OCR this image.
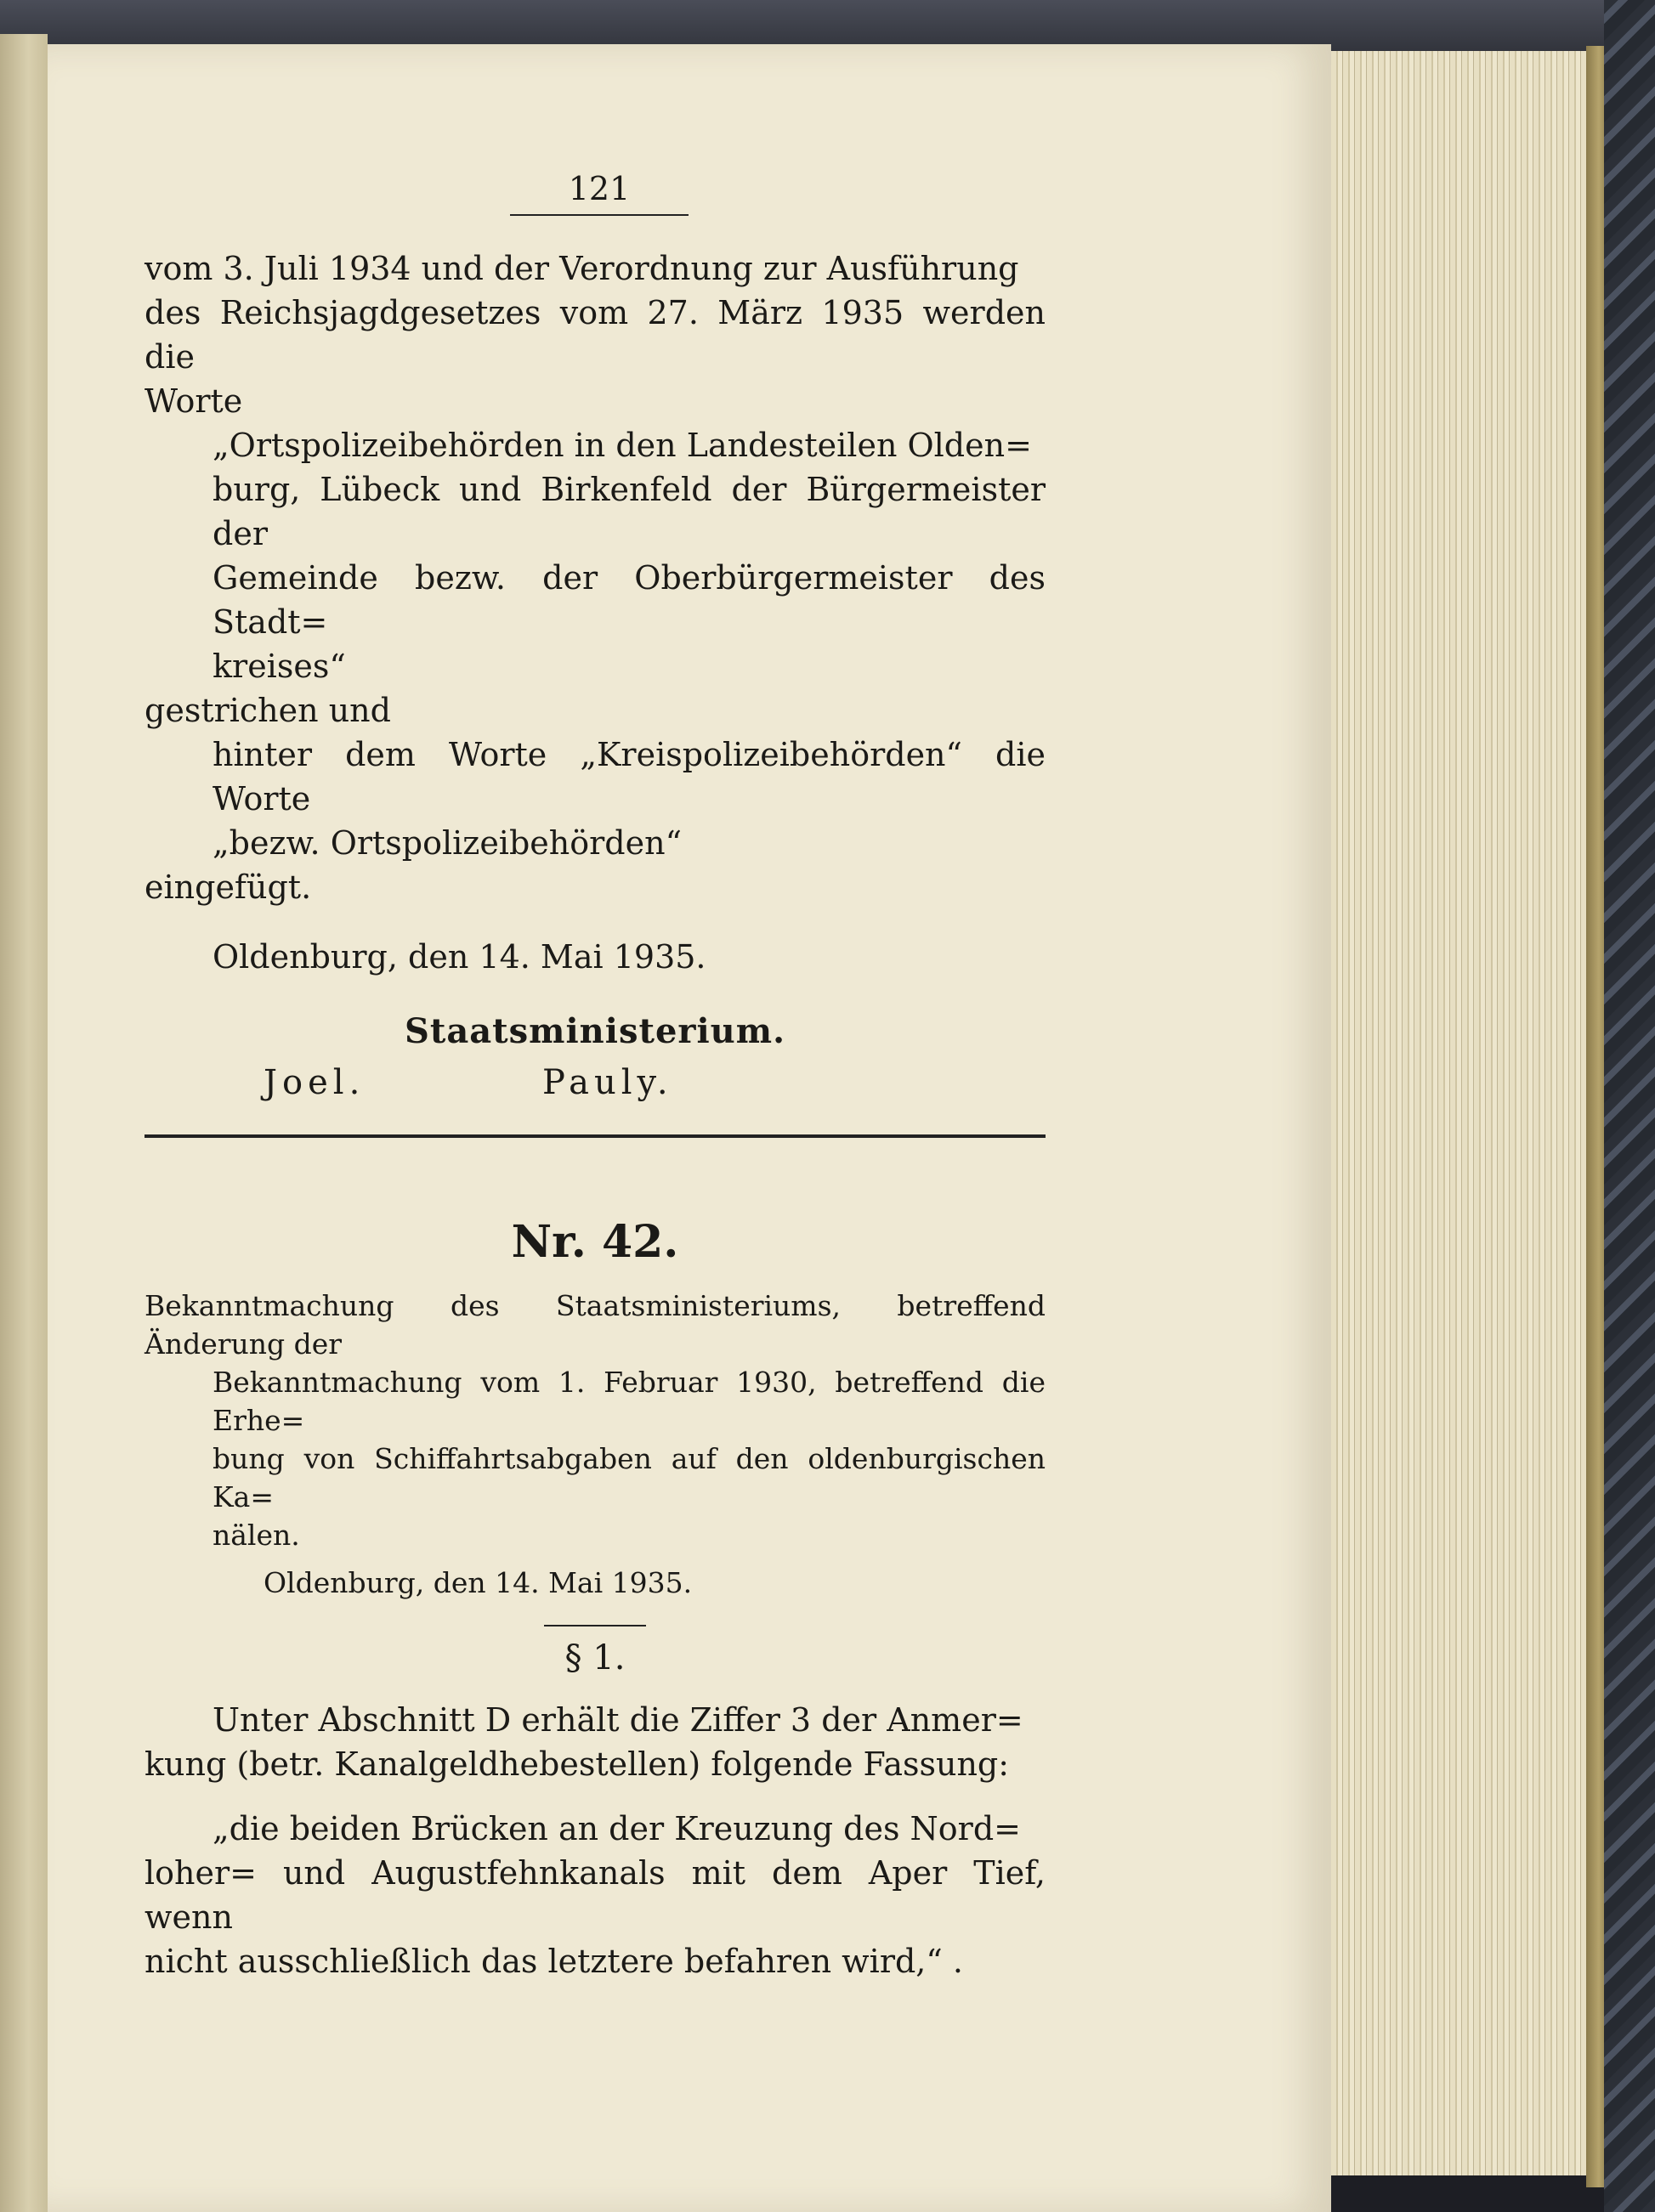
121

vom 3. Juli 1934 und der Verordnung zur Ausführung

des Reichsjagdgesetzes vom 27. März 1935 werden die

Worte

„Ortspolizeibehörden in den Landesteilen Olden=

burg, Lübeck und Birkenfeld der Bürgermeister der

Gemeinde bezw. der Oberbürgermeister des Stadt=

kreises“

gestrichen und

hinter dem Worte „Kreispolizeibehörden“ die Worte

„bezw. Ortspolizeibehörden“

eingefügt.

Oldenburg, den 14. Mai 1935.

Staatsministerium.

Joel.	Pauly.

Nr. 42.

Bekanntmachung des Staatsministeriums, betreffend Änderung der

Bekanntmachung vom 1. Februar 1930, betreffend die Erhe=

bung von Schiffahrtsabgaben auf den oldenburgischen Ka=

nälen.

Oldenburg, den 14. Mai 1935.

§ 1.

Unter Abschnitt D erhält die Ziffer 3 der Anmer=

kung (betr. Kanalgeldhebestellen) folgende Fassung:

„die beiden Brücken an der Kreuzung des Nord=

loher= und Augustfehnkanals mit dem Aper Tief, wenn

nicht ausschließlich das letztere befahren wird,“ .
